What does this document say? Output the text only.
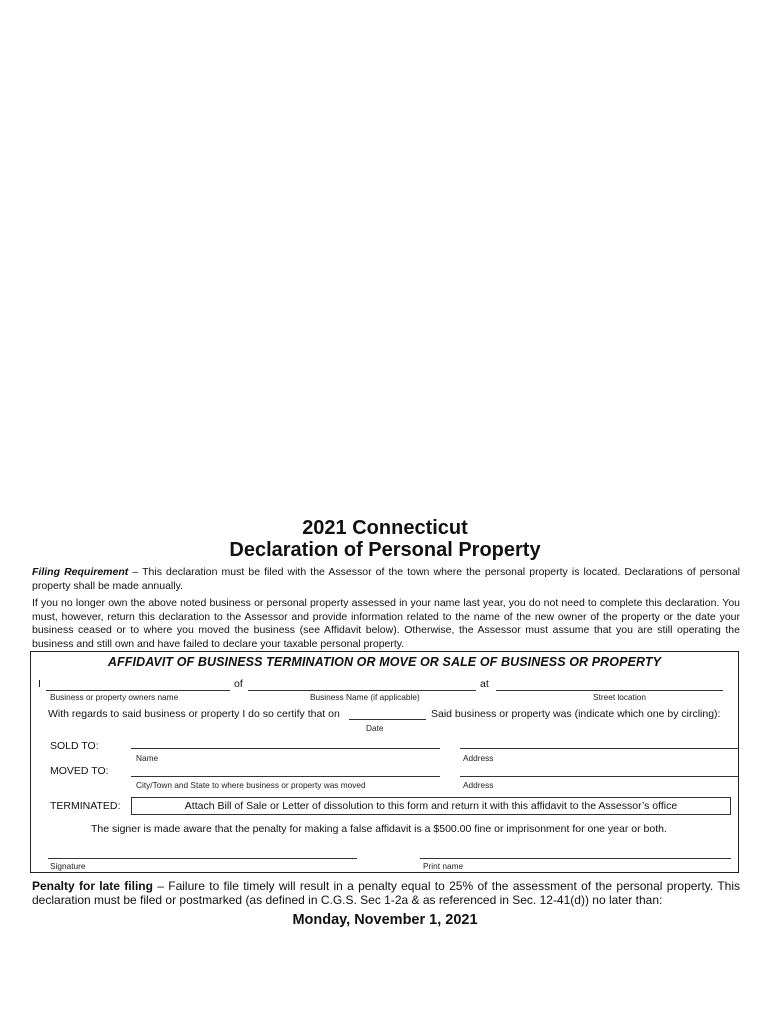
2021 Connecticut
Declaration of Personal Property
Filing Requirement – This declaration must be filed with the Assessor of the town where the personal property is located. Declarations of personal property shall be made annually.
If you no longer own the above noted business or personal property assessed in your name last year, you do not need to complete this declaration. You must, however, return this declaration to the Assessor and provide information related to the name of the new owner of the property or the date your business ceased or to where you moved the business (see Affidavit below). Otherwise, the Assessor must assume that you are still operating the business and still own and have failed to declare your taxable personal property.
AFFIDAVIT OF BUSINESS TERMINATION OR MOVE OR SALE OF BUSINESS OR PROPERTY
I	of	at
Business or property owners name	Business Name (if applicable)	Street location
With regards to said business or property I do so certify that on	Said business or property was (indicate which one by circling):
Date
SOLD TO:
Name	Address
MOVED TO:
City/Town and State to where business or property was moved	Address
TERMINATED:	Attach Bill of Sale or Letter of dissolution to this form and return it with this affidavit to the Assessor’s office
The signer is made aware that the penalty for making a false affidavit is a $500.00 fine or imprisonment for one year or both.
Signature	Print name
Penalty for late filing – Failure to file timely will result in a penalty equal to 25% of the assessment of the personal property. This declaration must be filed or postmarked (as defined in C.G.S. Sec 1-2a & as referenced in Sec. 12-41(d)) no later than:
Monday, November 1, 2021
